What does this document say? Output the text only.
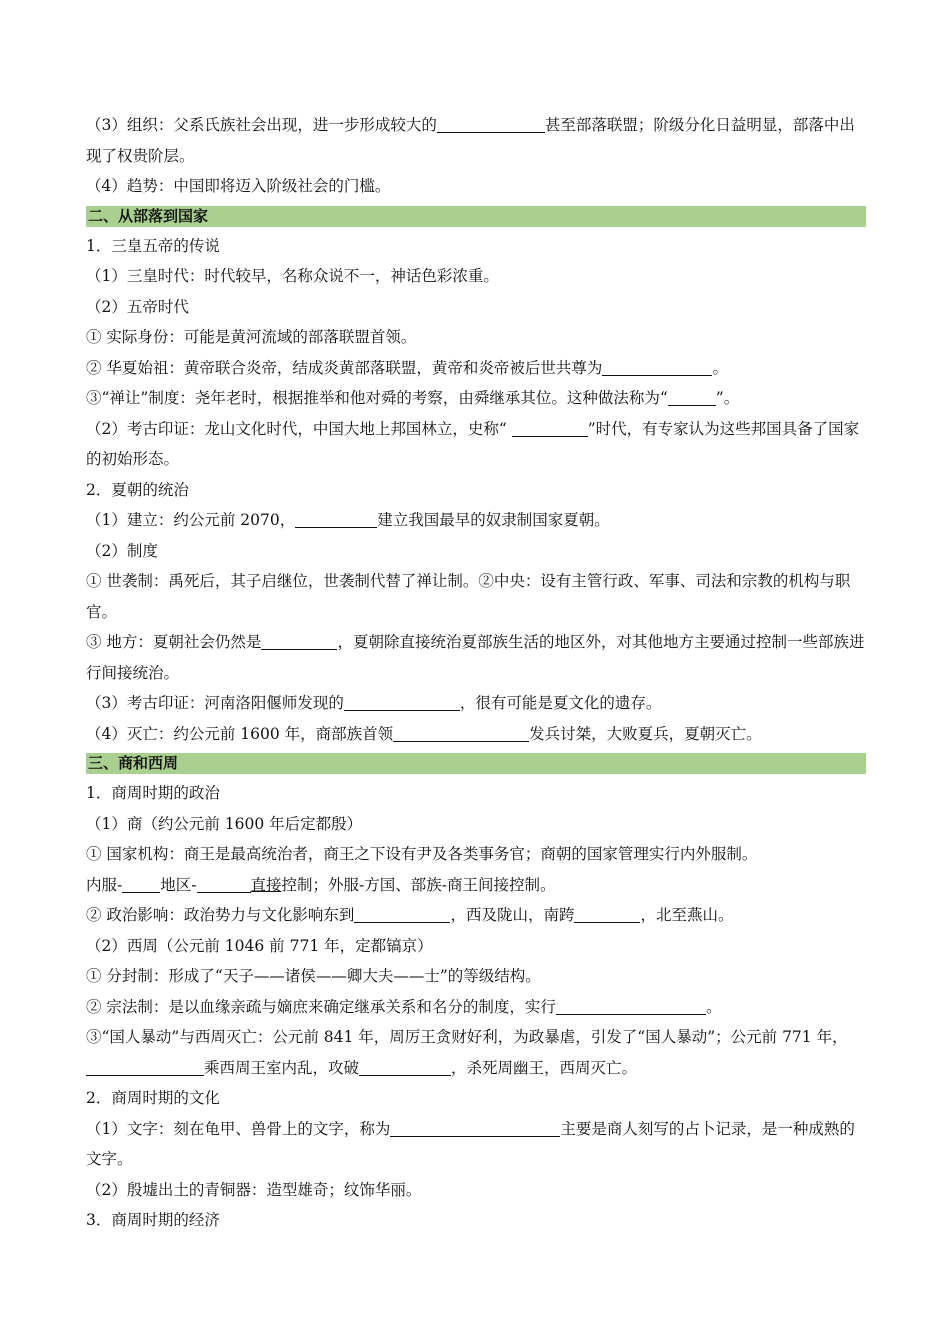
（3）组织：父系氏族社会出现，进一步形成较大的	甚至部落联盟；阶级分化日益明显，部落中出现了权贵阶层。

（4）趋势：中国即将迈入阶级社会的门槛。

二、从部落到国家

1．三皇五帝的传说

（1）三皇时代：时代较早，名称众说不一，神话色彩浓重。

（2）五帝时代

① 实际身份：可能是黄河流域的部落联盟首领。

② 华夏始祖：黄帝联合炎帝，结成炎黄部落联盟，黄帝和炎帝被后世共尊为	。

③“禅让”制度：尧年老时，根据推举和他对舜的考察，由舜继承其位。这种做法称为“	”。

（2）考古印证：龙山文化时代，中国大地上邦国林立，史称“	”时代，有专家认为这些邦国具备了国家的初始形态。

2．夏朝的统治

（1）建立：约公元前 2070，	建立我国最早的奴隶制国家夏朝。

（2）制度

① 世袭制：禹死后，其子启继位，世袭制代替了禅让制。②中央：设有主管行政、军事、司法和宗教的机构与职官。

③ 地方：夏朝社会仍然是	，夏朝除直接统治夏部族生活的地区外，对其他地方主要通过控制一些部族进行间接统治。

（3）考古印证：河南洛阳偃师发现的	，很有可能是夏文化的遗存。

（4）灭亡：约公元前 1600 年，商部族首领	发兵讨桀，大败夏兵，夏朝灭亡。

三、商和西周

1．商周时期的政治

（1）商（约公元前 1600 年后定都殷）

① 国家机构：商王是最高统治者，商王之下设有尹及各类事务官；商朝的国家管理实行内外服制。

内服- 地区-	直接控制；外服-方国、部族-商王间接控制。

② 政治影响：政治势力与文化影响东到	，西及陇山，南跨	，北至燕山。

（2）西周（公元前 1046 前 771 年，定都镐京）

① 分封制：形成了“天子——诸侯——卿大夫——士”的等级结构。

② 宗法制：是以血缘亲疏与嫡庶来确定继承关系和名分的制度，实行	。

③“国人暴动”与西周灭亡：公元前 841 年，周厉王贪财好利，为政暴虐，引发了“国人暴动”；公元前 771 年，乘西周王室内乱，攻破	，杀死周幽王，西周灭亡。

2．商周时期的文化

（1）文字：刻在龟甲、兽骨上的文字，称为	主要是商人刻写的占卜记录，是一种成熟的文字。

（2）殷墟出土的青铜器：造型雄奇；纹饰华丽。

3．商周时期的经济
